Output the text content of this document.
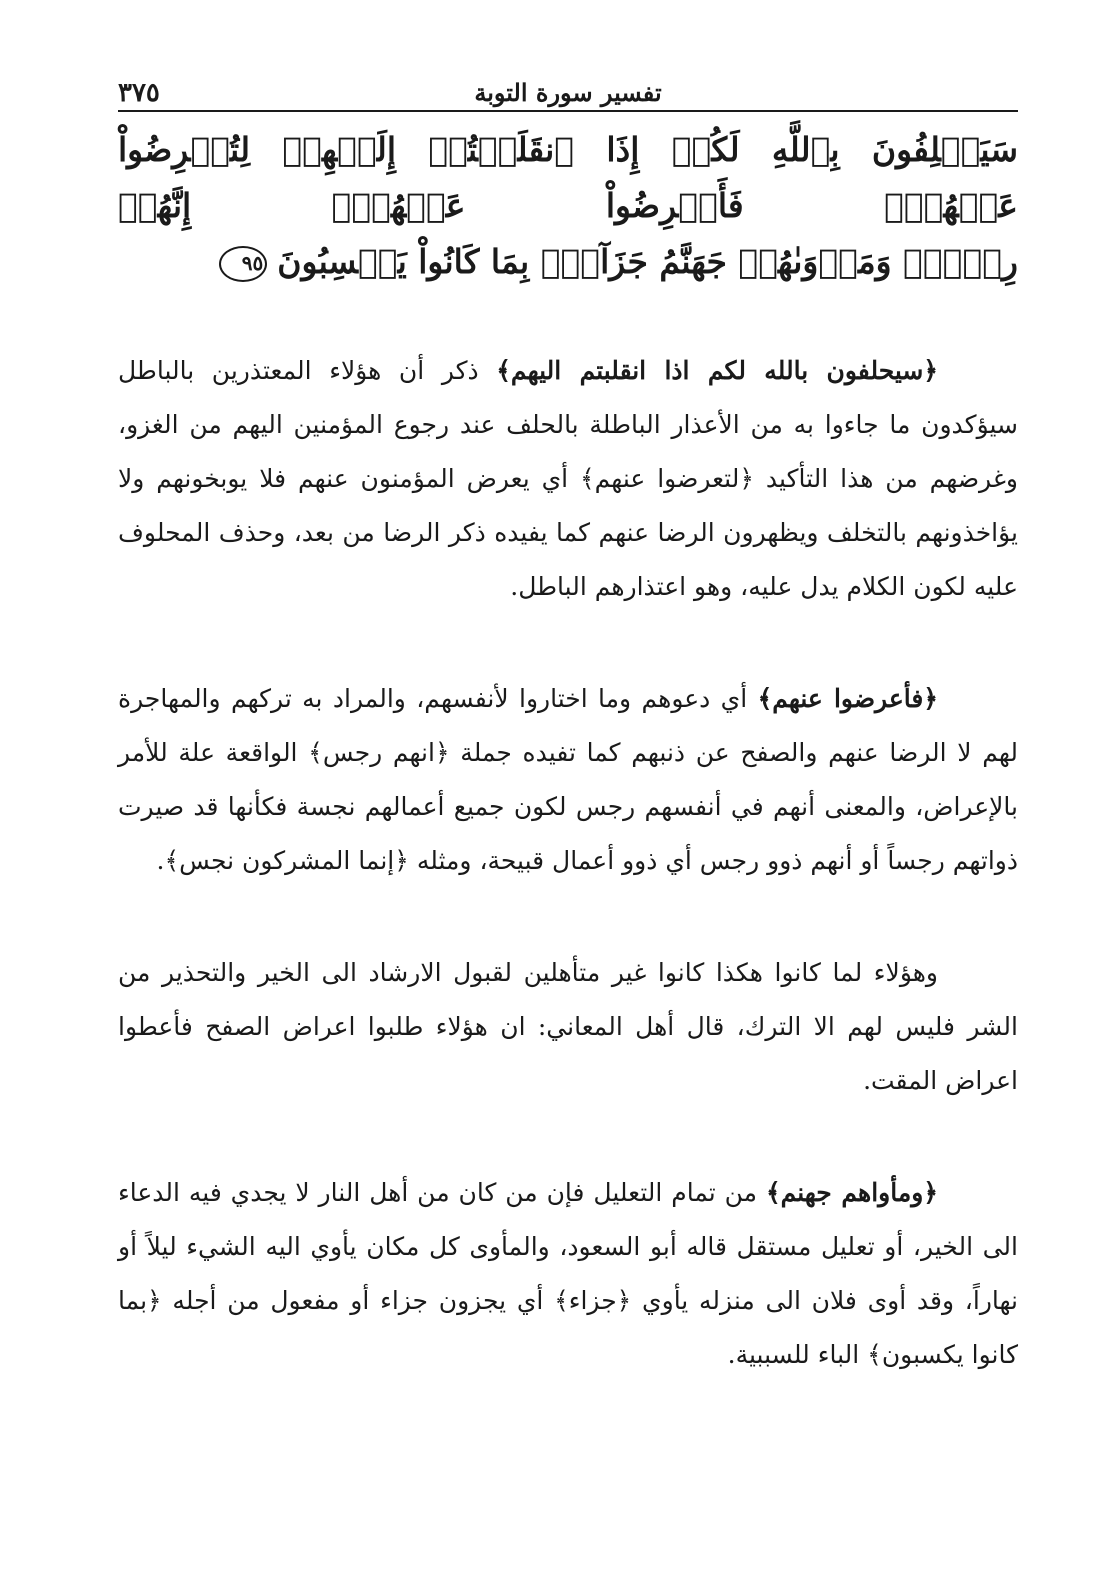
تفسير سورة التوبة
٣٧٥
سَيَحۡلِفُونَ بِٱللَّهِ لَكُمۡ إِذَا ٱنقَلَبۡتُمۡ إِلَيۡهِمۡ لِتُعۡرِضُواْ عَنۡهُمۡۖ فَأَعۡرِضُواْ عَنۡهُمۡۖ إِنَّهُمۡ
رِجۡسٞۖ وَمَأۡوَىٰهُمۡ جَهَنَّمُ جَزَآءَۢ بِمَا كَانُواْ يَكۡسِبُونَ٩٥

﴿سيحلفون بالله لكم اذا انقلبتم اليهم﴾ ذكر أن هؤلاء المعتذرين بالباطل سيؤكدون ما جاءوا به من الأعذار الباطلة بالحلف عند رجوع المؤمنين اليهم من الغزو، وغرضهم من هذا التأكيد ﴿لتعرضوا عنهم﴾ أي يعرض المؤمنون عنهم فلا يوبخونهم ولا يؤاخذونهم بالتخلف ويظهرون الرضا عنهم كما يفيده ذكر الرضا من بعد، وحذف المحلوف عليه لكون الكلام يدل عليه، وهو اعتذارهم الباطل.

﴿فأعرضوا عنهم﴾ أي دعوهم وما اختاروا لأنفسهم، والمراد به تركهم والمهاجرة لهم لا الرضا عنهم والصفح عن ذنبهم كما تفيده جملة ﴿انهم رجس﴾ الواقعة علة للأمر بالإعراض، والمعنى أنهم في أنفسهم رجس لكون جميع أعمالهم نجسة فكأنها قد صيرت ذواتهم رجساً أو أنهم ذوو رجس أي ذوو أعمال قبيحة، ومثله ﴿إنما المشركون نجس﴾.

وهؤلاء لما كانوا هكذا كانوا غير متأهلين لقبول الارشاد الى الخير والتحذير من الشر فليس لهم الا الترك، قال أهل المعاني: ان هؤلاء طلبوا اعراض الصفح فأعطوا اعراض المقت.

﴿ومأواهم جهنم﴾ من تمام التعليل فإن من كان من أهل النار لا يجدي فيه الدعاء الى الخير، أو تعليل مستقل قاله أبو السعود، والمأوى كل مكان يأوي اليه الشيء ليلاً أو نهاراً، وقد أوى فلان الى منزله يأوي ﴿جزاء﴾ أي يجزون جزاء أو مفعول من أجله ﴿بما كانوا يكسبون﴾ الباء للسببية.
